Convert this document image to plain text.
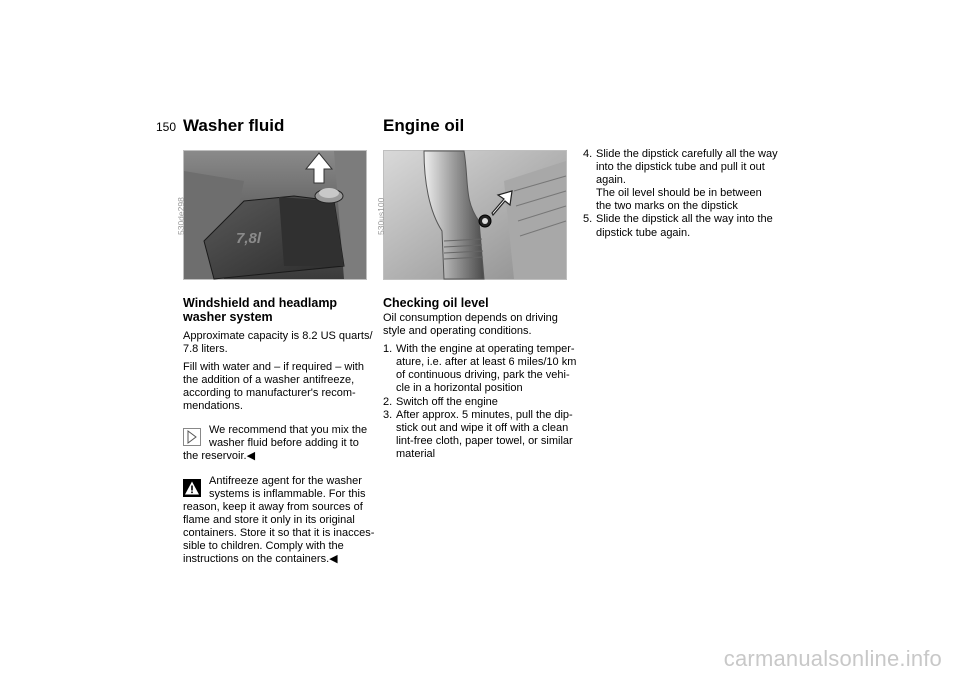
150 Washer fluid
7,8l
530de298
Windshield and headlamp
washer system

Approximate capacity is 8.2 US quarts/ 7.8 liters.

Fill with water and – if required – with the addition of a washer antifreeze, according to manufacturer's recom-mendations.

We recommend that you mix the
washer fluid before adding it to
the reservoir.◀
Antifreeze agent for the washer
systems is inflammable. For this
reason, keep it away from sources of flame and store it only in its original containers. Store it so that it is inacces-sible to children. Comply with the instructions on the containers.◀
Engine oil
530us100
Checking oil level

Oil consumption depends on driving style and operating conditions.

1. With the engine at operating temper-ature, i.e. after at least 6 miles/10 km of continuous driving, park the vehi-cle in a horizontal position
2. Switch off the engine
3. After approx. 5 minutes, pull the dip-stick out and wipe it off with a clean lint-free cloth, paper towel, or similar material
4. Slide the dipstick carefully all the way into the dipstick tube and pull it out again.
The oil level should be in between the two marks on the dipstick
5. Slide the dipstick all the way into the dipstick tube again.
carmanualsonline.info
